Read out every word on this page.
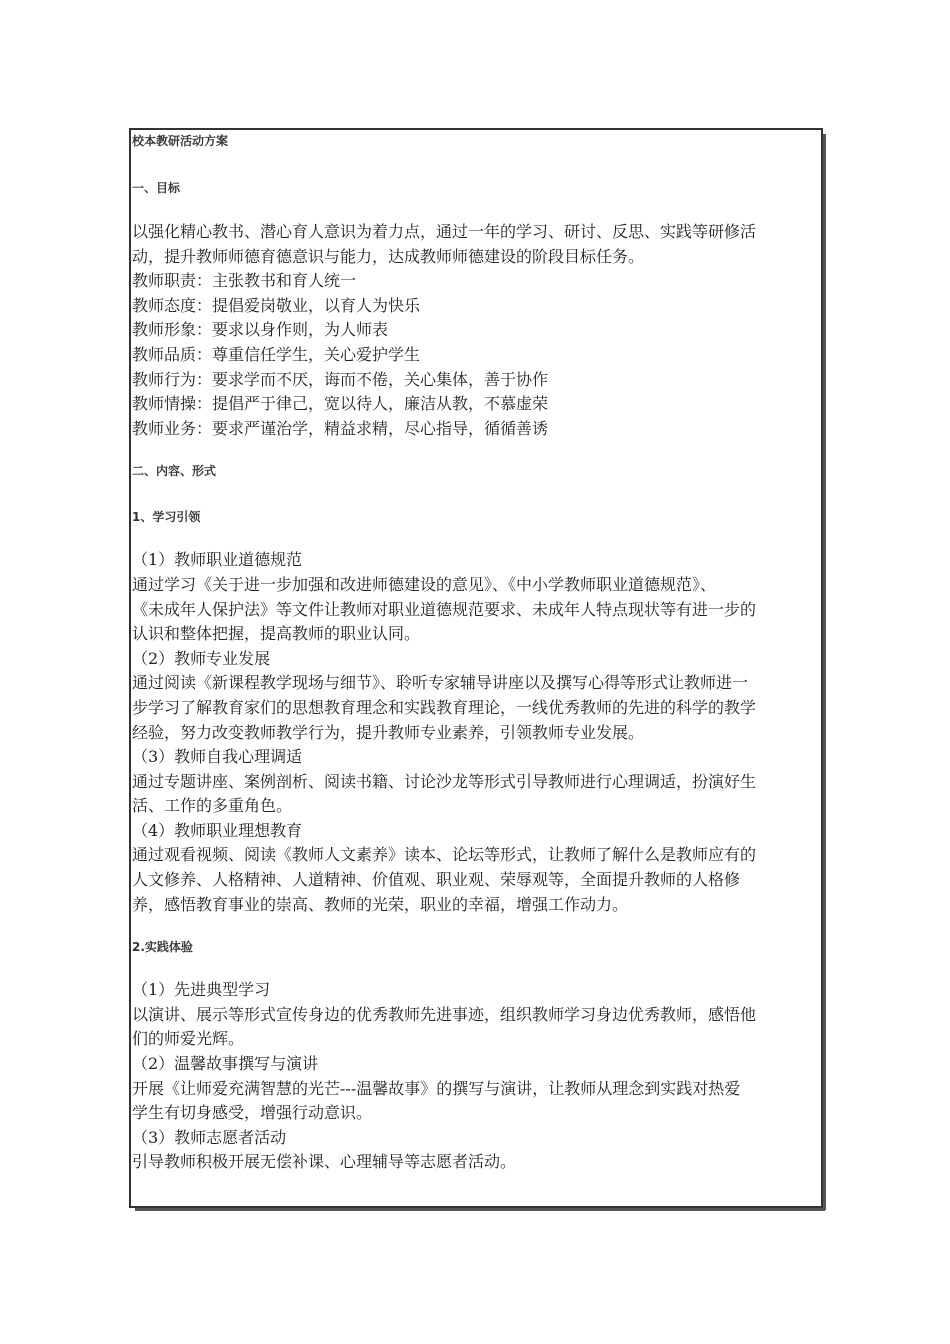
校本教研活动方案
一、目标
以强化精心教书、潜心育人意识为着力点，通过一年的学习、研讨、反思、实践等研修活
动，提升教师师德育德意识与能力，达成教师师德建设的阶段目标任务。
教师职责：主张教书和育人统一
教师态度：提倡爱岗敬业，以育人为快乐
教师形象：要求以身作则，为人师表
教师品质：尊重信任学生，关心爱护学生
教师行为：要求学而不厌，诲而不倦，关心集体，善于协作
教师情操：提倡严于律己，宽以待人，廉洁从教，不慕虚荣
教师业务：要求严谨治学，精益求精，尽心指导，循循善诱
二、内容、形式
1、学习引领
（1）教师职业道德规范
通过学习《关于进一步加强和改进师德建设的意见》、《中小学教师职业道德规范》、
《未成年人保护法》等文件让教师对职业道德规范要求、未成年人特点现状等有进一步的
认识和整体把握，提高教师的职业认同。
（2）教师专业发展
通过阅读《新课程教学现场与细节》、聆听专家辅导讲座以及撰写心得等形式让教师进一
步学习了解教育家们的思想教育理念和实践教育理论，一线优秀教师的先进的科学的教学
经验，努力改变教师教学行为，提升教师专业素养，引领教师专业发展。
（3）教师自我心理调适
通过专题讲座、案例剖析、阅读书籍、讨论沙龙等形式引导教师进行心理调适，扮演好生
活、工作的多重角色。
（4）教师职业理想教育
通过观看视频、阅读《教师人文素养》读本、论坛等形式，让教师了解什么是教师应有的
人文修养、人格精神、人道精神、价值观、职业观、荣辱观等，全面提升教师的人格修
养，感悟教育事业的崇高、教师的光荣，职业的幸福，增强工作动力。
2.实践体验
（1）先进典型学习
以演讲、展示等形式宣传身边的优秀教师先进事迹，组织教师学习身边优秀教师，感悟他
们的师爱光辉。
（2）温馨故事撰写与演讲
开展《让师爱充满智慧的光芒---温馨故事》的撰写与演讲，让教师从理念到实践对热爱
学生有切身感受，增强行动意识。
（3）教师志愿者活动
引导教师积极开展无偿补课、心理辅导等志愿者活动。
